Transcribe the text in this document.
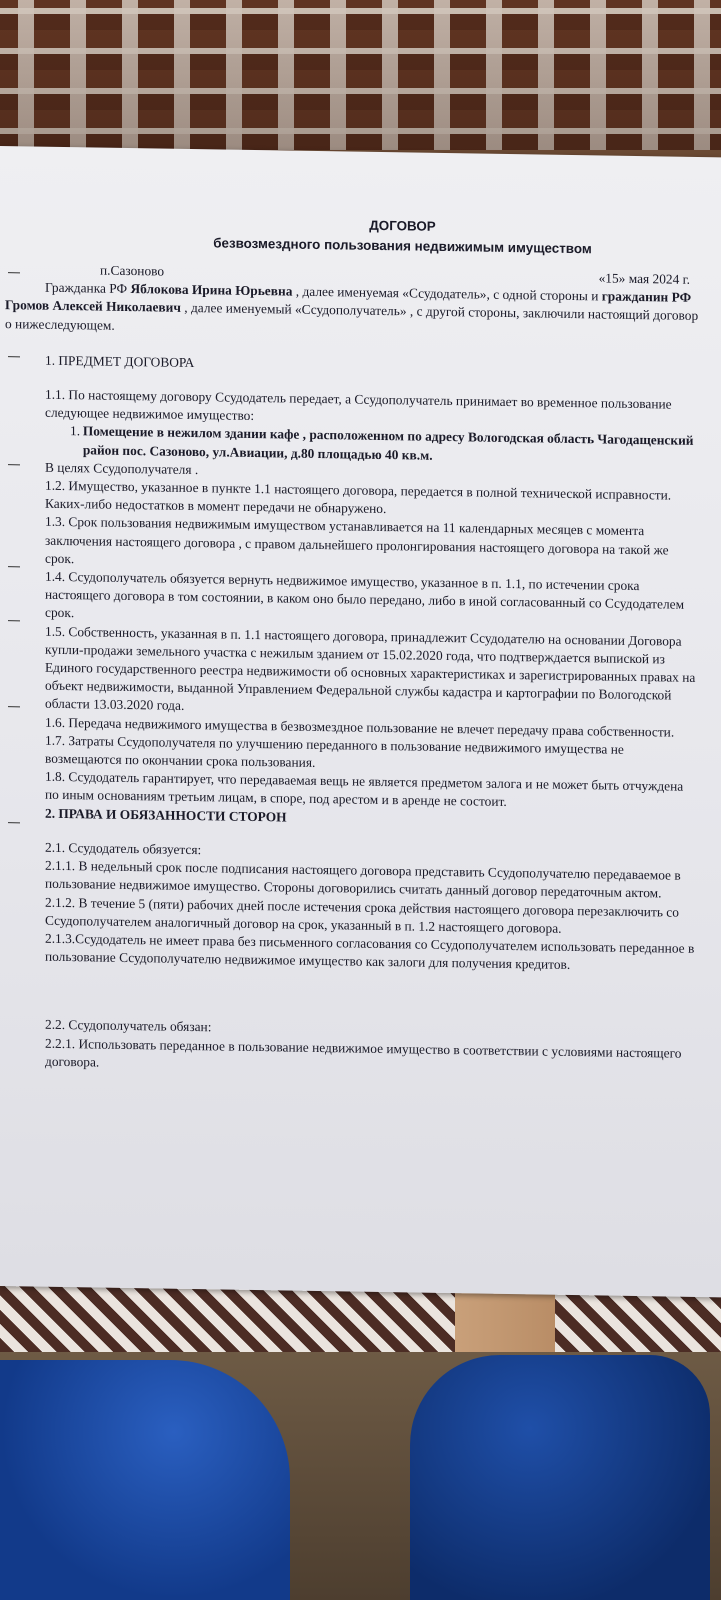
ДОГОВОР
безвозмездного пользования недвижимым имуществом
п.Сазоново	«15» мая 2024 г.

Гражданка РФ Яблокова Ирина Юрьевна , далее именуемая «Ссудодатель», с одной стороны и гражданин РФ Громов Алексей Николаевич , далее именуемый «Ссудополучатель» , с другой стороны, заключили настоящий договор о нижеследующем.

1. ПРЕДМЕТ ДОГОВОРА

1.1. По настоящему договору Ссудодатель передает, а Ссудополучатель принимает во временное пользование следующее недвижимое имущество:

1. Помещение в нежилом здании кафе , расположенном по адресу Вологодская область Чагодащенский район пос. Сазоново, ул.Авиации, д.80 площадью 40 кв.м.

В целях Ссудополучателя .

1.2. Имущество, указанное в пункте 1.1 настоящего договора, передается в полной технической исправности. Каких-либо недостатков в момент передачи не обнаружено.

1.3. Срок пользования недвижимым имуществом устанавливается на 11 календарных месяцев с момента заключения настоящего договора , с правом дальнейшего пролонгирования настоящего договора на такой же срок.

1.4. Ссудополучатель обязуется вернуть недвижимое имущество, указанное в п. 1.1, по истечении срока настоящего договора в том состоянии, в каком оно было передано, либо в иной согласованный со Ссудодателем срок.

1.5. Собственность, указанная в п. 1.1 настоящего договора, принадлежит Ссудодателю на основании Договора купли-продажи земельного участка с нежилым зданием от 15.02.2020 года, что подтверждается выпиской из Единого государственного реестра недвижимости об основных характеристиках и зарегистрированных правах на объект недвижимости, выданной Управлением Федеральной службы кадастра и картографии по Вологодской области 13.03.2020 года.

1.6. Передача недвижимого имущества в безвозмездное пользование не влечет передачу права собственности.

1.7. Затраты Ссудополучателя по улучшению переданного в пользование недвижимого имущества не возмещаются по окончании срока пользования.

1.8. Ссудодатель гарантирует, что передаваемая вещь не является предметом залога и не может быть отчуждена по иным основаниям третьим лицам, в споре, под арестом и в аренде не состоит.

2. ПРАВА И ОБЯЗАННОСТИ СТОРОН

2.1. Ссудодатель обязуется:

2.1.1. В недельный срок после подписания настоящего договора представить Ссудополучателю передаваемое в пользование недвижимое имущество. Стороны договорились считать данный договор передаточным актом.

2.1.2. В течение 5 (пяти) рабочих дней после истечения срока действия настоящего договора перезаключить со Ссудополучателем аналогичный договор на срок, указанный в п. 1.2 настоящего договора.

2.1.3.Ссудодатель не имеет права без письменного согласования со Ссудополучателем использовать переданное в пользование Ссудополучателю недвижимое имущество как залоги для получения кредитов.

2.2. Ссудополучатель обязан:

2.2.1. Использовать переданное в пользование недвижимое имущество в соответствии с условиями настоящего договора.
